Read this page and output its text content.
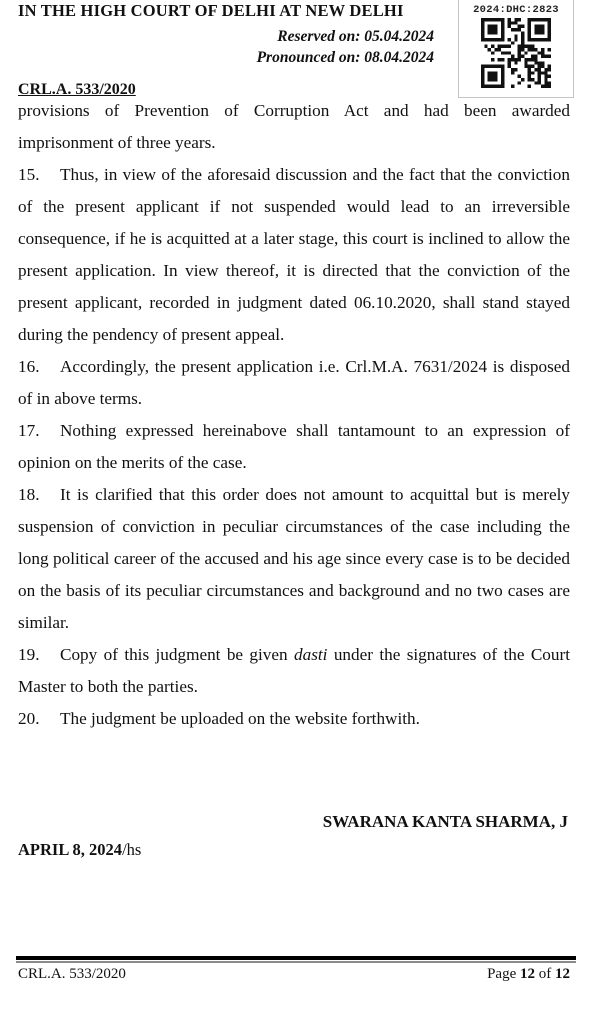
IN THE HIGH COURT OF DELHI AT NEW DELHI	2024:DHC:2823
Reserved on: 05.04.2024
Pronounced on: 08.04.2024
CRL.A. 533/2020

provisions of Prevention of Corruption Act and had been awarded imprisonment of three years.

15. Thus, in view of the aforesaid discussion and the fact that the conviction of the present applicant if not suspended would lead to an irreversible consequence, if he is acquitted at a later stage, this court is inclined to allow the present application. In view thereof, it is directed that the conviction of the present applicant, recorded in judgment dated 06.10.2020, shall stand stayed during the pendency of present appeal.

16. Accordingly, the present application i.e. Crl.M.A. 7631/2024 is disposed of in above terms.

17. Nothing expressed hereinabove shall tantamount to an expression of opinion on the merits of the case.

18. It is clarified that this order does not amount to acquittal but is merely suspension of conviction in peculiar circumstances of the case including the long political career of the accused and his age since every case is to be decided on the basis of its peculiar circumstances and background and no two cases are similar.

19. Copy of this judgment be given dasti under the signatures of the Court Master to both the parties.

20. The judgment be uploaded on the website forthwith.

SWARANA KANTA SHARMA, J
APRIL 8, 2024/hs
CRL.A. 533/2020	Page 12 of 12
